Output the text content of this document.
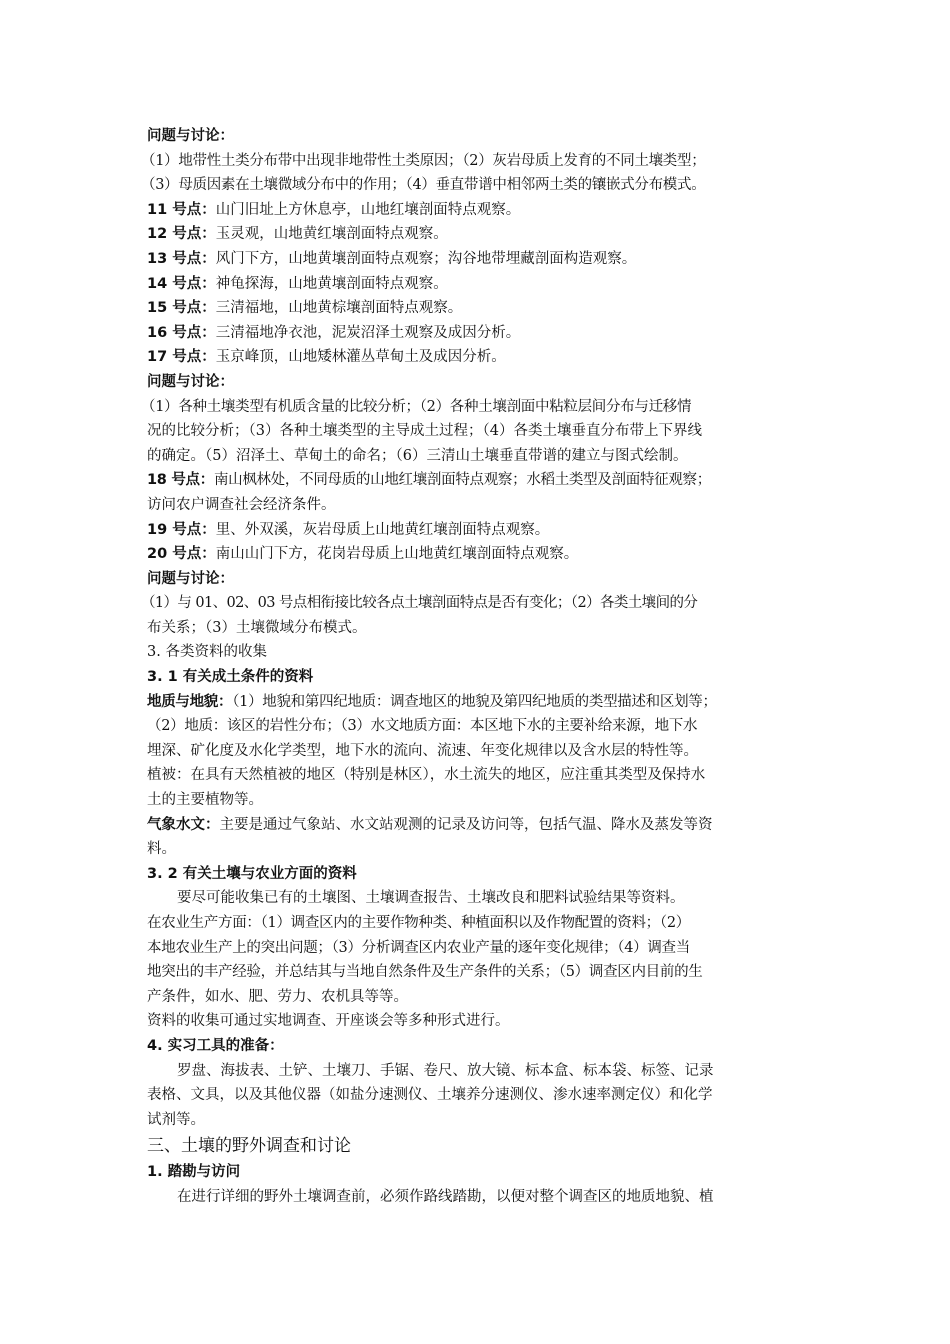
问题与讨论：
（1）地带性土类分布带中出现非地带性土类原因；（2）灰岩母质上发育的不同土壤类型；
（3）母质因素在土壤微域分布中的作用；（4）垂直带谱中相邻两土类的镶嵌式分布模式。
11 号点：山门旧址上方休息亭，山地红壤剖面特点观察。
12 号点：玉灵观，山地黄红壤剖面特点观察。
13 号点：风门下方，山地黄壤剖面特点观察；沟谷地带埋藏剖面构造观察。
14 号点：神龟探海，山地黄壤剖面特点观察。
15 号点：三清福地，山地黄棕壤剖面特点观察。
16 号点：三清福地净衣池，泥炭沼泽土观察及成因分析。
17 号点：玉京峰顶，山地矮林灌丛草甸土及成因分析。
问题与讨论：
（1）各种土壤类型有机质含量的比较分析；（2）各种土壤剖面中粘粒层间分布与迁移情
况的比较分析；（3）各种土壤类型的主导成土过程；（4）各类土壤垂直分布带上下界线
的确定。（5）沼泽土、草甸土的命名；（6）三清山土壤垂直带谱的建立与图式绘制。
18 号点：南山枫林处，不同母质的山地红壤剖面特点观察；水稻土类型及剖面特征观察；
访问农户调查社会经济条件。
19 号点：里、外双溪，灰岩母质上山地黄红壤剖面特点观察。
20 号点：南山山门下方，花岗岩母质上山地黄红壤剖面特点观察。
问题与讨论：
（1）与 01、02、03 号点相衔接比较各点土壤剖面特点是否有变化；（2）各类土壤间的分
布关系；（3）土壤微域分布模式。
3. 各类资料的收集
3. 1 有关成土条件的资料
地质与地貌：（1）地貌和第四纪地质：调查地区的地貌及第四纪地质的类型描述和区划等；
（2）地质：该区的岩性分布；（3）水文地质方面：本区地下水的主要补给来源，地下水
埋深、矿化度及水化学类型，地下水的流向、流速、年变化规律以及含水层的特性等。
植被：在具有天然植被的地区（特别是林区），水土流失的地区，应注重其类型及保持水
土的主要植物等。
气象水文：主要是通过气象站、水文站观测的记录及访问等，包括气温、降水及蒸发等资
料。
3. 2 有关土壤与农业方面的资料
要尽可能收集已有的土壤图、土壤调查报告、土壤改良和肥料试验结果等资料。
在农业生产方面：（1）调查区内的主要作物种类、种植面积以及作物配置的资料；（2）
本地农业生产上的突出问题；（3）分析调查区内农业产量的逐年变化规律；（4）调查当
地突出的丰产经验，并总结其与当地自然条件及生产条件的关系；（5）调查区内目前的生
产条件，如水、肥、劳力、农机具等等。
资料的收集可通过实地调查、开座谈会等多种形式进行。
4. 实习工具的准备：
罗盘、海拔表、土铲、土壤刀、手锯、卷尺、放大镜、标本盒、标本袋、标签、记录
表格、文具，以及其他仪器（如盐分速测仪、土壤养分速测仪、渗水速率测定仪）和化学
试剂等。
三、土壤的野外调查和讨论
1. 踏勘与访问
在进行详细的野外土壤调查前，必须作路线踏勘，以便对整个调查区的地质地貌、植
